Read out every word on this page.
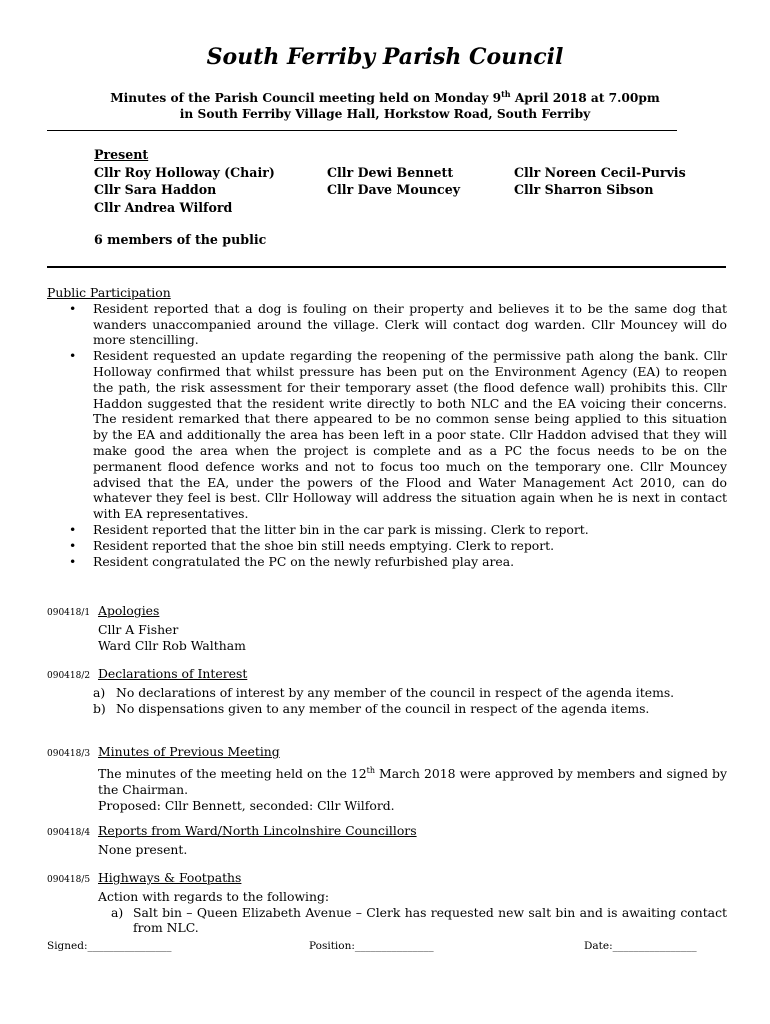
South Ferriby Parish Council
Minutes of the Parish Council meeting held on Monday 9th April 2018 at 7.00pm
in South Ferriby Village Hall, Horkstow Road, South Ferriby
Present
Cllr Roy Holloway (Chair)	Cllr Dewi Bennett	Cllr Noreen Cecil-Purvis
Cllr Sara Haddon	Cllr Dave Mouncey	Cllr Sharron Sibson
Cllr Andrea Wilford
6 members of the public
Public Participation
• Resident reported that a dog is fouling on their property and believes it to be the same dog that wanders unaccompanied around the village. Clerk will contact dog warden. Cllr Mouncey will do more stencilling.
• Resident requested an update regarding the reopening of the permissive path along the bank. Cllr Holloway confirmed that whilst pressure has been put on the Environment Agency (EA) to reopen the path, the risk assessment for their temporary asset (the flood defence wall) prohibits this. Cllr Haddon suggested that the resident write directly to both NLC and the EA voicing their concerns. The resident remarked that there appeared to be no common sense being applied to this situation by the EA and additionally the area has been left in a poor state. Cllr Haddon advised that they will make good the area when the project is complete and as a PC the focus needs to be on the permanent flood defence works and not to focus too much on the temporary one. Cllr Mouncey advised that the EA, under the powers of the Flood and Water Management Act 2010, can do whatever they feel is best. Cllr Holloway will address the situation again when he is next in contact with EA representatives.
• Resident reported that the litter bin in the car park is missing. Clerk to report.
• Resident reported that the shoe bin still needs emptying. Clerk to report.
• Resident congratulated the PC on the newly refurbished play area.
090418/1 Apologies
Cllr A Fisher
Ward Cllr Rob Waltham
090418/2 Declarations of Interest
a) No declarations of interest by any member of the council in respect of the agenda items.
b) No dispensations given to any member of the council in respect of the agenda items.
090418/3 Minutes of Previous Meeting
The minutes of the meeting held on the 12th March 2018 were approved by members and signed by the Chairman.
Proposed: Cllr Bennett, seconded: Cllr Wilford.
090418/4 Reports from Ward/North Lincolnshire Councillors
None present.
090418/5 Highways & Footpaths
Action with regards to the following:
a) Salt bin – Queen Elizabeth Avenue – Clerk has requested new salt bin and is awaiting contact from NLC.
Signed:________________	Position:_______________	Date:________________
